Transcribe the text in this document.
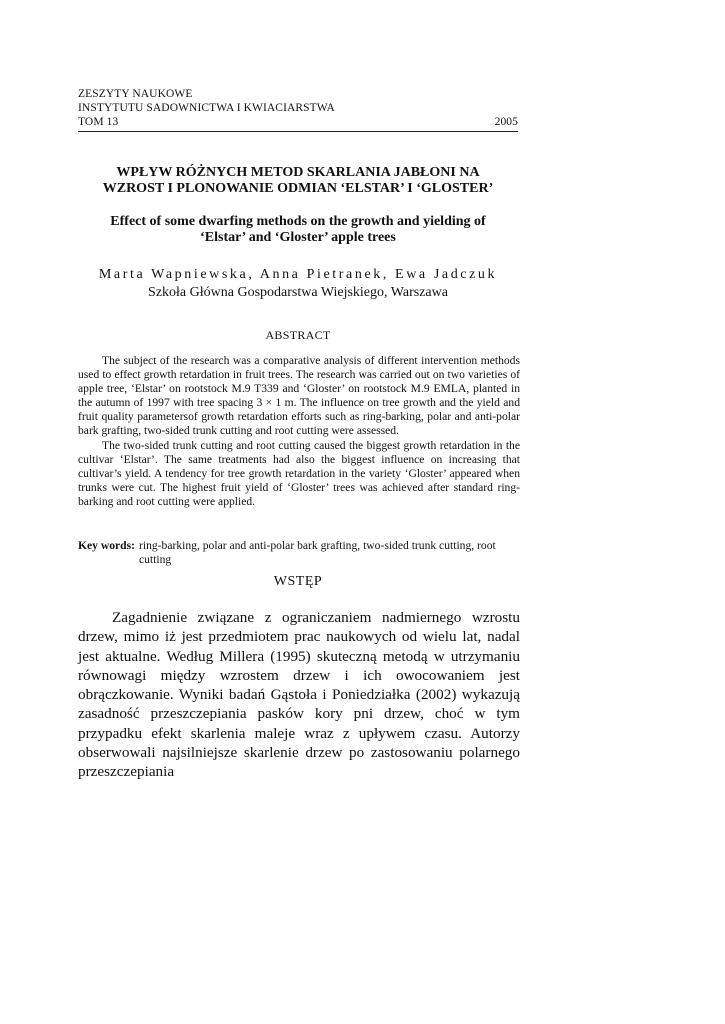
ZESZYTY NAUKOWE
INSTYTUTU SADOWNICTWA I KWIACIARSTWA
TOM 13	2005
WPŁYW RÓŻNYCH METOD SKARLANIA JABŁONI NA
WZROST I PLONOWANIE ODMIAN ‘ELSTAR’ I ‘GLOSTER’
Effect of some dwarfing methods on the growth and yielding of
‘Elstar’ and ‘Gloster’ apple trees
Marta Wapniewska, Anna Pietranek, Ewa Jadczuk
Szkoła Główna Gospodarstwa Wiejskiego, Warszawa
ABSTRACT

The subject of the research was a comparative analysis of different intervention methods used to effect growth retardation in fruit trees. The research was carried out on two varieties of apple tree, ‘Elstar’ on rootstock M.9 T339 and ‘Gloster’ on rootstock M.9 EMLA, planted in the autumn of 1997 with tree spacing 3 × 1 m. The influence on tree growth and the yield and fruit quality parametersof growth retardation efforts such as ring-barking, polar and anti-polar bark grafting, two-sided trunk cutting and root cutting were assessed.

The two-sided trunk cutting and root cutting caused the biggest growth retardation in the cultivar ‘Elstar’. The same treatments had also the biggest influence on increasing that cultivar’s yield. A tendency for tree growth retardation in the variety ‘Gloster’ appeared when trunks were cut. The highest fruit yield of ‘Gloster’ trees was achieved after standard ring-barking and root cutting were applied.

Key words: ring-barking, polar and anti-polar bark grafting, two-sided trunk cutting, root cutting
WSTĘP

Zagadnienie związane z ograniczaniem nadmiernego wzrostu drzew, mimo iż jest przedmiotem prac naukowych od wielu lat, nadal jest aktualne. Według Millera (1995) skuteczną metodą w utrzymaniu równowagi między wzrostem drzew i ich owocowaniem jest obrączkowanie. Wyniki badań Gąstoła i Poniedziałka (2002) wykazują zasadność przeszczepiania pasków kory pni drzew, choć w tym przypadku efekt skarlenia maleje wraz z upływem czasu. Autorzy obserwowali najsilniejsze skarlenie drzew po zastosowaniu polarnego przeszczepiania
